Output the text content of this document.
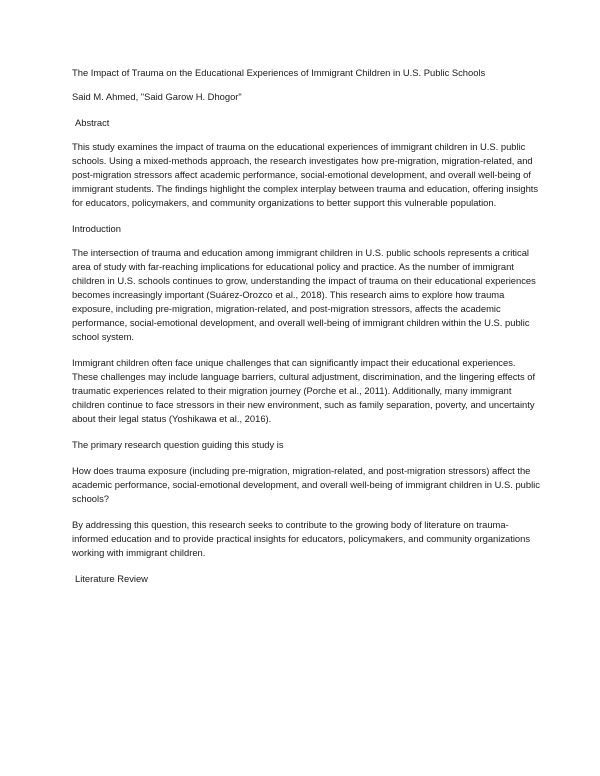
The Impact of Trauma on the Educational Experiences of Immigrant Children in U.S. Public Schools

Said M. Ahmed, "Said Garow H. Dhogor"

Abstract

This study examines the impact of trauma on the educational experiences of immigrant children in U.S. public schools. Using a mixed-methods approach, the research investigates how pre-migration, migration-related, and post-migration stressors affect academic performance, social-emotional development, and overall well-being of immigrant students. The findings highlight the complex interplay between trauma and education, offering insights for educators, policymakers, and community organizations to better support this vulnerable population.

Introduction

The intersection of trauma and education among immigrant children in U.S. public schools represents a critical area of study with far-reaching implications for educational policy and practice. As the number of immigrant children in U.S. schools continues to grow, understanding the impact of trauma on their educational experiences becomes increasingly important (Suárez-Orozco et al., 2018). This research aims to explore how trauma exposure, including pre-migration, migration-related, and post-migration stressors, affects the academic performance, social-emotional development, and overall well-being of immigrant children within the U.S. public school system.

Immigrant children often face unique challenges that can significantly impact their educational experiences. These challenges may include language barriers, cultural adjustment, discrimination, and the lingering effects of traumatic experiences related to their migration journey (Porche et al., 2011). Additionally, many immigrant children continue to face stressors in their new environment, such as family separation, poverty, and uncertainty about their legal status (Yoshikawa et al., 2016).

The primary research question guiding this study is

How does trauma exposure (including pre-migration, migration-related, and post-migration stressors) affect the academic performance, social-emotional development, and overall well-being of immigrant children in U.S. public schools?

By addressing this question, this research seeks to contribute to the growing body of literature on trauma-informed education and to provide practical insights for educators, policymakers, and community organizations working with immigrant children.

Literature Review
